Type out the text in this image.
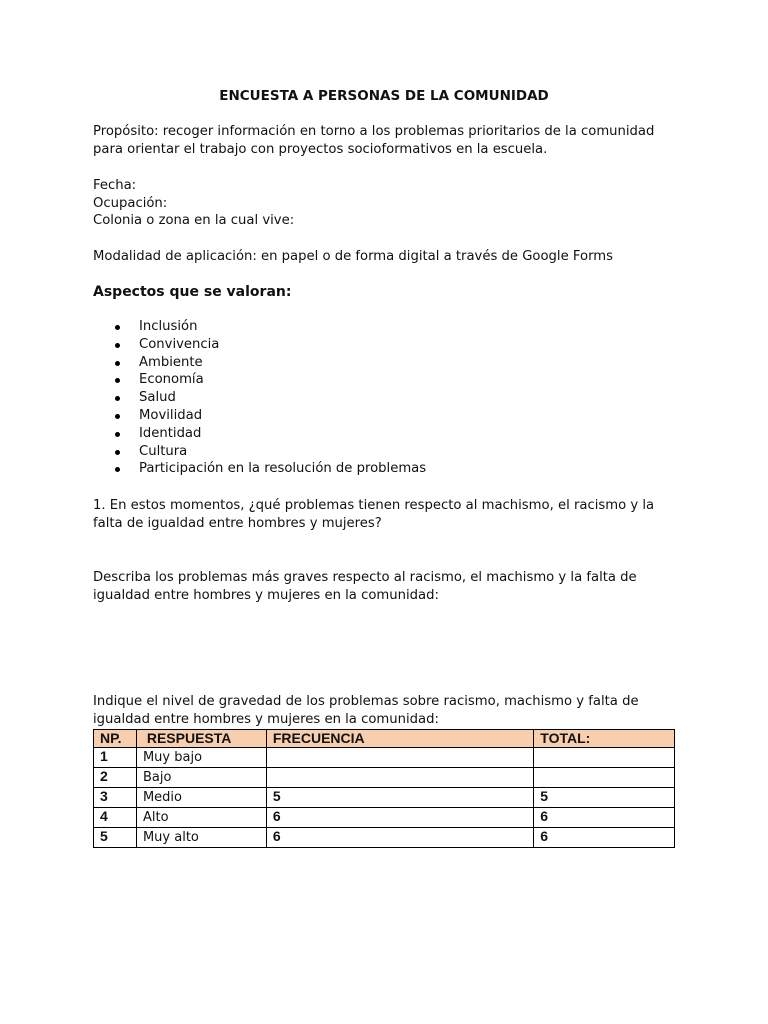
ENCUESTA A PERSONAS DE LA COMUNIDAD

Propósito: recoger información en torno a los problemas prioritarios de la comunidad para orientar el trabajo con proyectos socioformativos en la escuela.

Fecha:

Ocupación:

Colonia o zona en la cual vive:

Modalidad de aplicación: en papel o de forma digital a través de Google Forms

Aspectos que se valoran:
Inclusión
Convivencia
Ambiente
Economía
Salud
Movilidad
Identidad
Cultura
Participación en la resolución de problemas

1. En estos momentos, ¿qué problemas tienen respecto al machismo, el racismo y la falta de igualdad entre hombres y mujeres?

Describa los problemas más graves respecto al racismo, el machismo y la falta de igualdad entre hombres y mujeres en la comunidad:

Indique el nivel de gravedad de los problemas sobre racismo, machismo y falta de igualdad entre hombres y mujeres en la comunidad:

NP.	RESPUESTA	FRECUENCIA	TOTAL:
1	Muy bajo		
2	Bajo		
3	Medio	5	5
4	Alto	6	6
5	Muy alto	6	6
